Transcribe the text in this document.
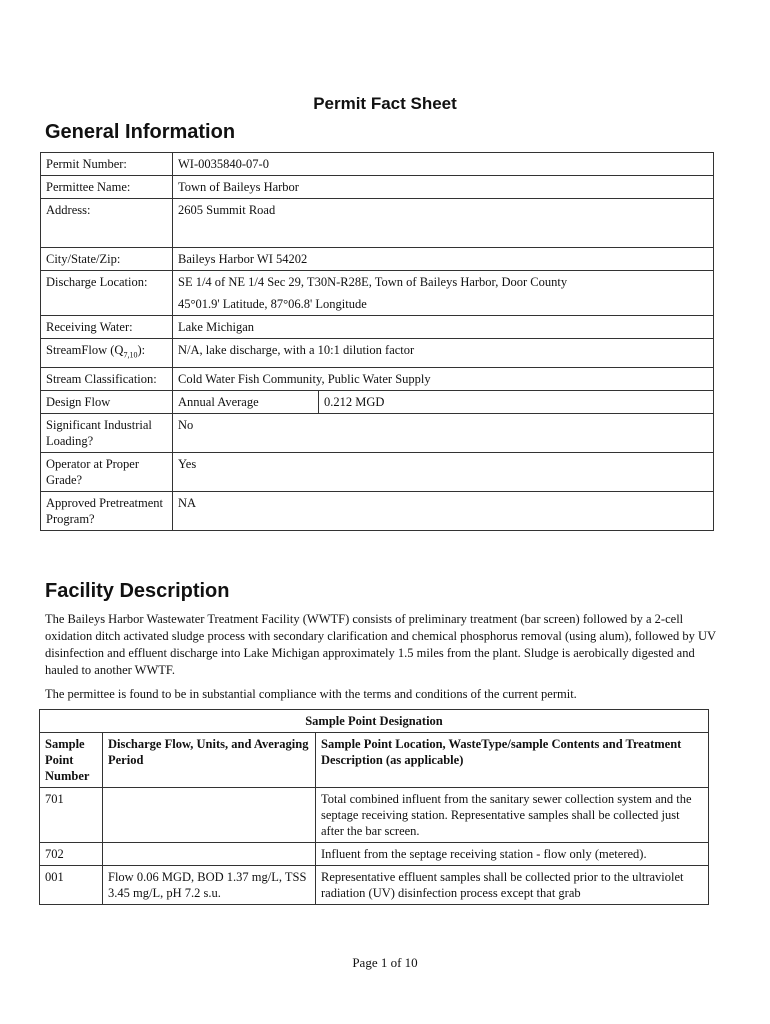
Permit Fact Sheet
General Information
Permit Number:	WI-0035840-07-0	
Permittee Name:	Town of Baileys Harbor	
Address:	2605 Summit Road	
City/State/Zip:	Baileys Harbor WI 54202	
Discharge Location:	SE 1/4 of NE 1/4 Sec 29, T30N-R28E, Town of Baileys Harbor, Door County
45°01.9' Latitude, 87°06.8' Longitude	

Receiving Water:	Lake Michigan	
StreamFlow $(Q_{7,10})$:	N/A, lake discharge, with a 10:1 dilution factor	
Stream Classification:	Cold Water Fish Community, Public Water Supply	
Design Flow	Annual Average	0.212 MGD
Significant Industrial Loading?	No	
Operator at Proper Grade?	Yes	
Approved Pretreatment Program?	NA	
Facility Description
The Baileys Harbor Wastewater Treatment Facility (WWTF) consists of preliminary treatment (bar screen) followed by a 2-cell oxidation ditch activated sludge process with secondary clarification and chemical phosphorus removal (using alum), followed by UV disinfection and effluent discharge into Lake Michigan approximately 1.5 miles from the plant. Sludge is aerobically digested and hauled to another WWTF.
The permittee is found to be in substantial compliance with the terms and conditions of the current permit.
Sample Point Designation		
Sample Point Number	Discharge Flow, Units, and Averaging Period	Sample Point Location, WasteType/sample Contents and Treatment Description (as applicable)
701		Total combined influent from the sanitary sewer collection system and the septage receiving station. Representative samples shall be collected just after the bar screen.
702		Influent from the septage receiving station - flow only (metered).
001	Flow 0.06 MGD, BOD 1.37 mg/L, TSS 3.45 mg/L, pH 7.2 s.u.	Representative effluent samples shall be collected prior to the ultraviolet radiation (UV) disinfection process except that grab
Page 1 of 10
